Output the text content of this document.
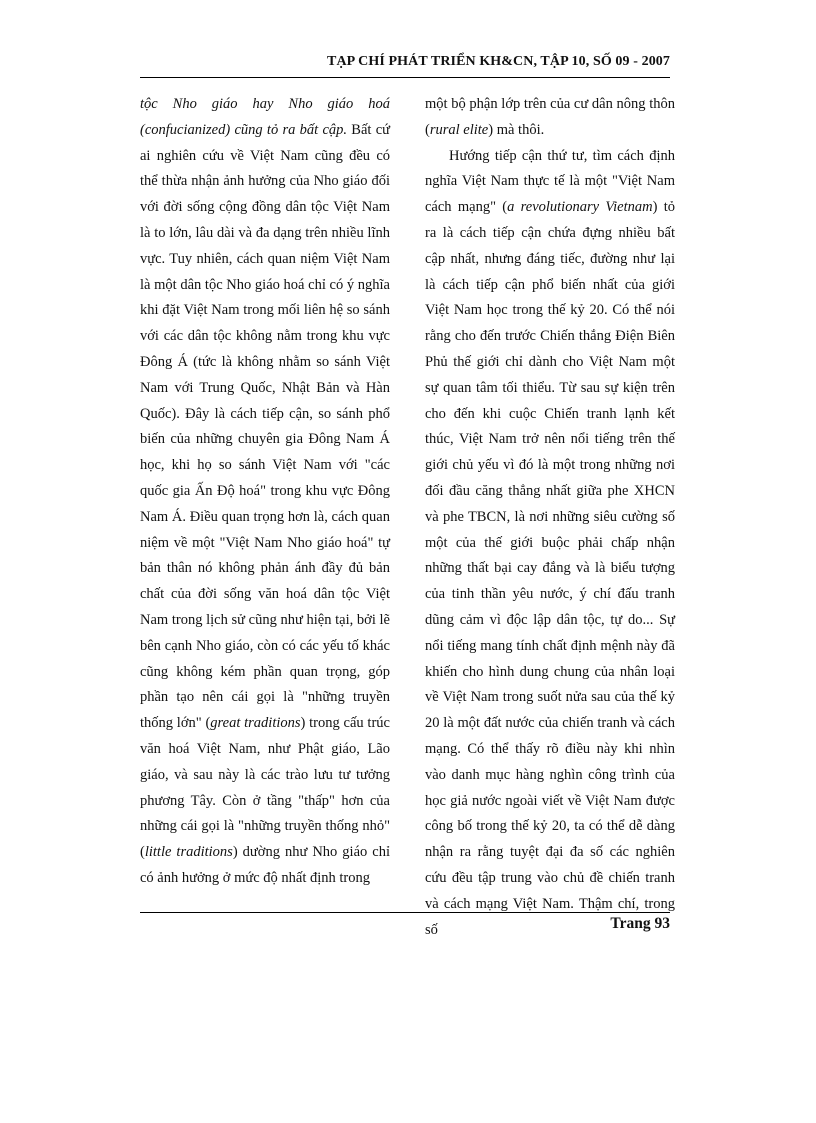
TẠP CHÍ PHÁT TRIỂN KH&CN, TẬP 10, SỐ 09 - 2007

tộc Nho giáo hay Nho giáo hoá (confucianized) cũng tỏ ra bất cập. Bất cứ ai nghiên cứu về Việt Nam cũng đều có thể thừa nhận ảnh hưởng của Nho giáo đối với đời sống cộng đồng dân tộc Việt Nam là to lớn, lâu dài và đa dạng trên nhiều lĩnh vực. Tuy nhiên, cách quan niệm Việt Nam là một dân tộc Nho giáo hoá chỉ có ý nghĩa khi đặt Việt Nam trong mối liên hệ so sánh với các dân tộc không nằm trong khu vực Đông Á (tức là không nhằm so sánh Việt Nam với Trung Quốc, Nhật Bản và Hàn Quốc). Đây là cách tiếp cận, so sánh phổ biến của những chuyên gia Đông Nam Á học, khi họ so sánh Việt Nam với "các quốc gia Ấn Độ hoá" trong khu vực Đông Nam Á. Điều quan trọng hơn là, cách quan niệm về một "Việt Nam Nho giáo hoá" tự bản thân nó không phản ánh đầy đủ bản chất của đời sống văn hoá dân tộc Việt Nam trong lịch sử cũng như hiện tại, bởi lẽ bên cạnh Nho giáo, còn có các yếu tố khác cũng không kém phần quan trọng, góp phần tạo nên cái gọi là "những truyền thống lớn" (great traditions) trong cấu trúc văn hoá Việt Nam, như Phật giáo, Lão giáo, và sau này là các trào lưu tư tưởng phương Tây. Còn ở tầng "thấp" hơn của những cái gọi là "những truyền thống nhỏ" (little traditions) dường như Nho giáo chỉ có ảnh hưởng ở mức độ nhất định trong

một bộ phận lớp trên của cư dân nông thôn (rural elite) mà thôi.

Hướng tiếp cận thứ tư, tìm cách định nghĩa Việt Nam thực tế là một "Việt Nam cách mạng" (a revolutionary Vietnam) tỏ ra là cách tiếp cận chứa đựng nhiều bất cập nhất, nhưng đáng tiếc, đường như lại là cách tiếp cận phổ biến nhất của giới Việt Nam học trong thế kỷ 20. Có thể nói rằng cho đến trước Chiến thắng Điện Biên Phủ thế giới chỉ dành cho Việt Nam một sự quan tâm tối thiểu. Từ sau sự kiện trên cho đến khi cuộc Chiến tranh lạnh kết thúc, Việt Nam trở nên nổi tiếng trên thế giới chủ yếu vì đó là một trong những nơi đối đầu căng thẳng nhất giữa phe XHCN và phe TBCN, là nơi những siêu cường số một của thế giới buộc phải chấp nhận những thất bại cay đắng và là biểu tượng của tinh thần yêu nước, ý chí đấu tranh dũng cảm vì độc lập dân tộc, tự do... Sự nổi tiếng mang tính chất định mệnh này đã khiến cho hình dung chung của nhân loại về Việt Nam trong suốt nửa sau của thế kỷ 20 là một đất nước của chiến tranh và cách mạng. Có thể thấy rõ điều này khi nhìn vào danh mục hàng nghìn công trình của học giả nước ngoài viết về Việt Nam được công bố trong thế kỷ 20, ta có thể dễ dàng nhận ra rằng tuyệt đại đa số các nghiên cứu đều tập trung vào chủ đề chiến tranh và cách mạng Việt Nam. Thậm chí, trong số	Trang 93
